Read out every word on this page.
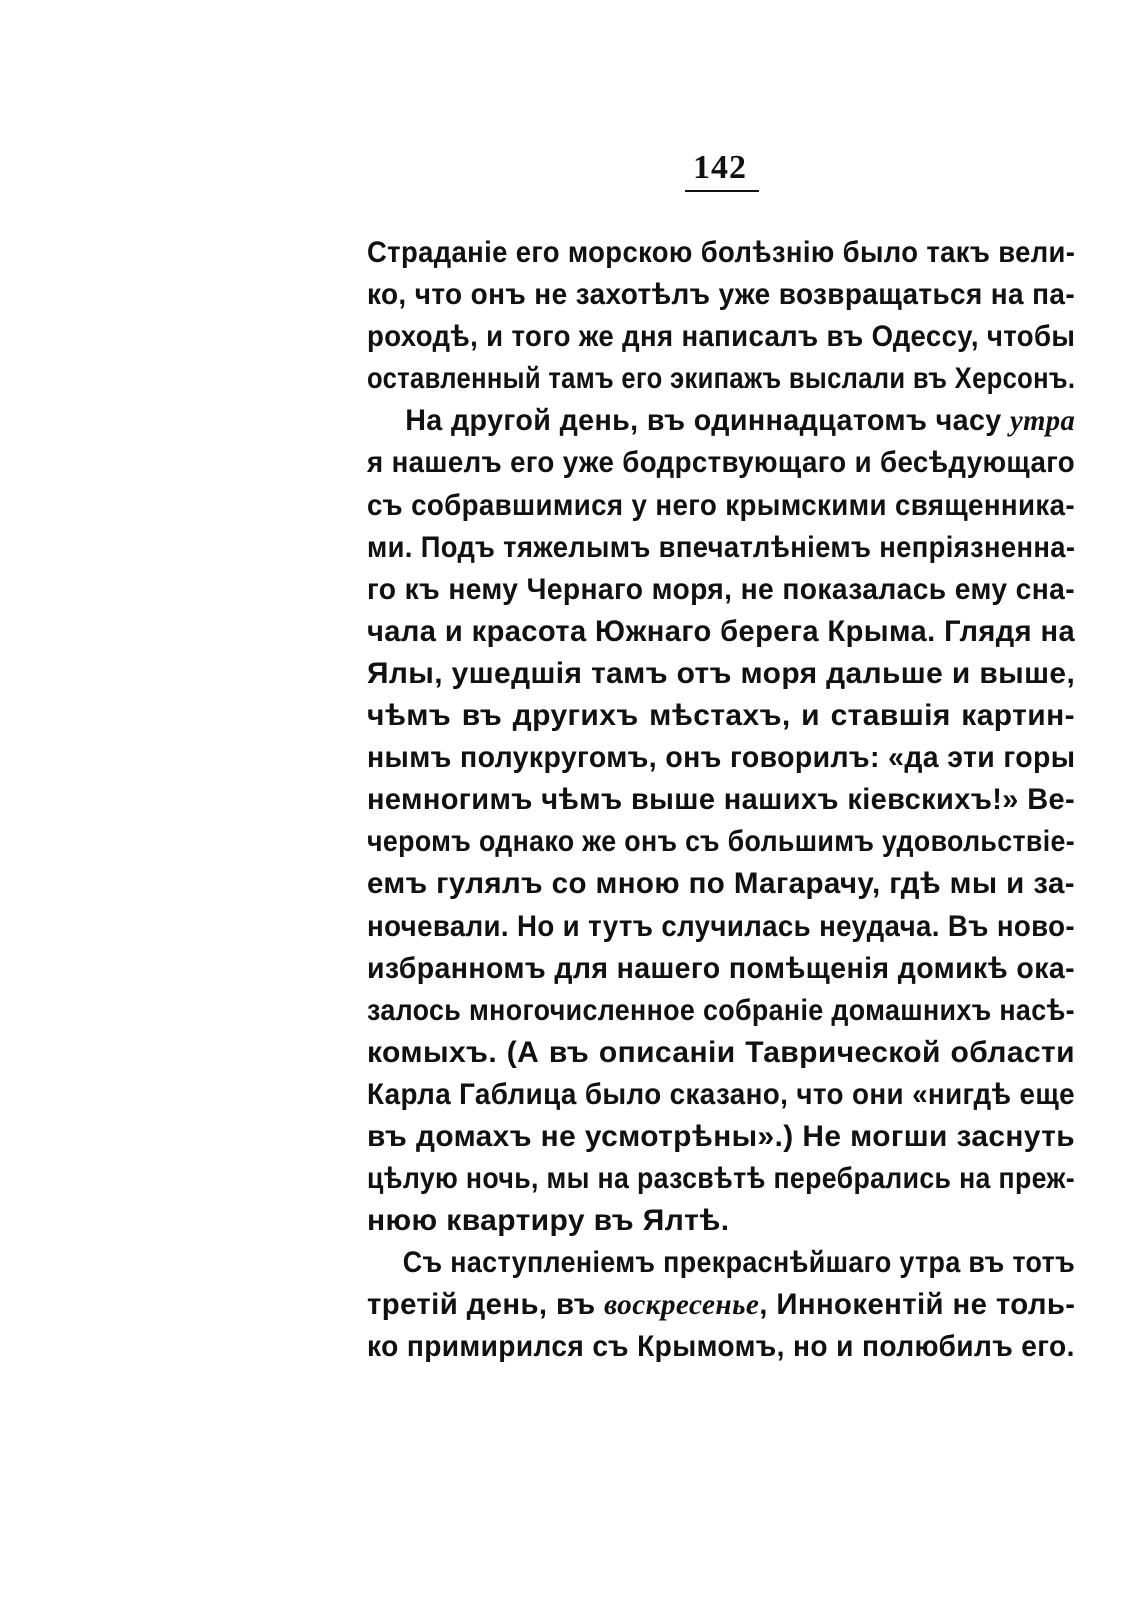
142
Страданіе его морскою болѣзнію было такъ вели-
ко, что онъ не захотѣлъ уже возвращаться на па-
роходѣ, и того же дня написалъ въ Одессу, чтобы
оставленный тамъ его экипажъ выслали въ Херсонъ.
На другой день, въ одиннадцатомъ часу утра
я нашелъ его уже бодрствующаго и бесѣдующаго
съ собравшимися у него крымскими священника-
ми. Подъ тяжелымъ впечатлѣніемъ непріязненна-
го къ нему Чернаго моря, не показалась ему сна-
чала и красота Южнаго берега Крыма. Глядя на
Ялы, ушедшія тамъ отъ моря дальше и выше,
чѣмъ въ другихъ мѣстахъ, и ставшія картин-
нымъ полукругомъ, онъ говорилъ: «да эти горы
немногимъ чѣмъ выше нашихъ кіевскихъ!» Ве-
черомъ однако же онъ съ большимъ удовольствіе-
емъ гулялъ со мною по Магарачу, гдѣ мы и за-
ночевали. Но и тутъ случилась неудача. Въ ново-
избранномъ для нашего помѣщенія домикѣ ока-
залось многочисленное собраніе домашнихъ насѣ-
комыхъ. (А въ описаніи Таврической области
Карла Габлица было сказано, что они «нигдѣ еще
въ домахъ не усмотрѣны».) Не могши заснуть
цѣлую ночь, мы на разсвѣтѣ перебрались на преж-
нюю квартиру въ Ялтѣ.
Съ наступленіемъ прекраснѣйшаго утра въ тотъ
третій день, въ воскресенье, Иннокентій не толь-
ко примирился съ Крымомъ, но и полюбилъ его.
